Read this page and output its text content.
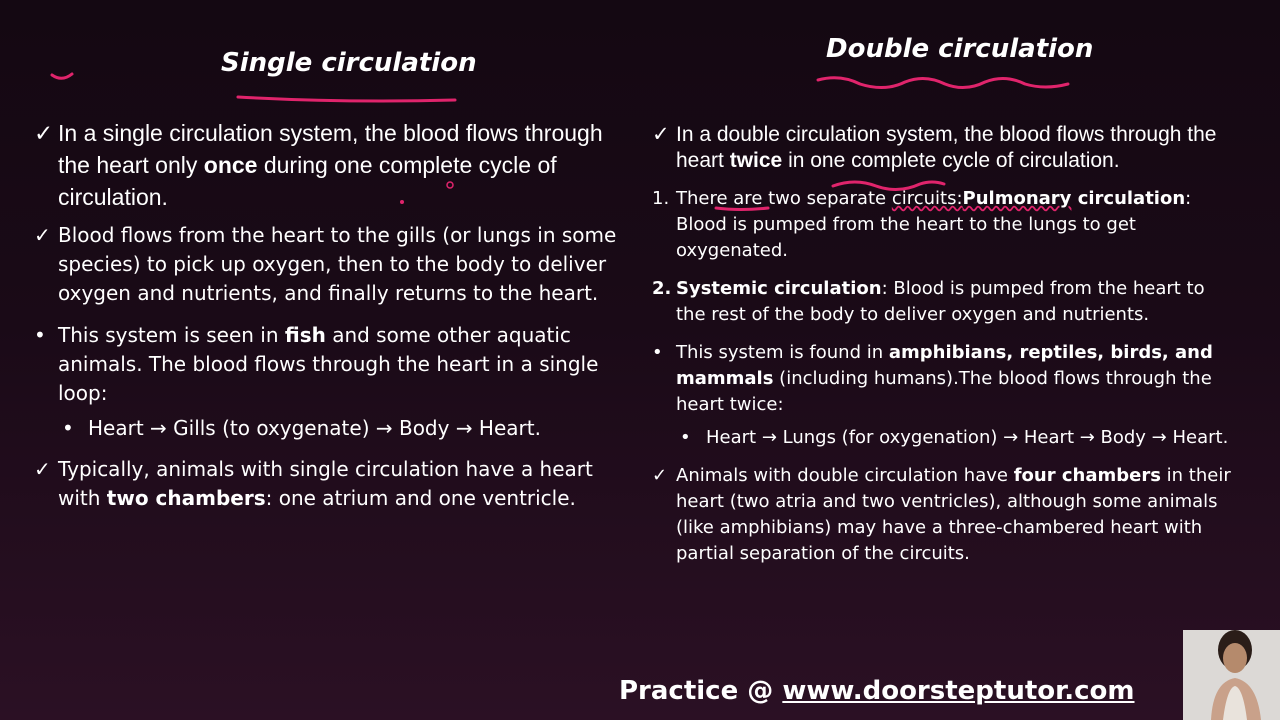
Single circulation
✓ In a single circulation system, the blood flows through the heart only once during one complete cycle of circulation.
✓ Blood flows from the heart to the gills (or lungs in some species) to pick up oxygen, then to the body to deliver oxygen and nutrients, and finally returns to the heart.
• This system is seen in fish and some other aquatic animals. The blood flows through the heart in a single loop:
• Heart → Gills (to oxygenate) → Body → Heart.
✓ Typically, animals with single circulation have a heart with two chambers: one atrium and one ventricle.
Double circulation
✓ In a double circulation system, the blood flows through the heart twice in one complete cycle of circulation.
1. There are two separate circuits:Pulmonary circulation: Blood is pumped from the heart to the lungs to get oxygenated.
2. Systemic circulation: Blood is pumped from the heart to the rest of the body to deliver oxygen and nutrients.
• This system is found in amphibians, reptiles, birds, and mammals (including humans).The blood flows through the heart twice:
• Heart → Lungs (for oxygenation) → Heart → Body → Heart.
✓ Animals with double circulation have four chambers in their heart (two atria and two ventricles), although some animals (like amphibians) may have a three-chambered heart with partial separation of the circuits.
Practice @ www.doorsteptutor.com
